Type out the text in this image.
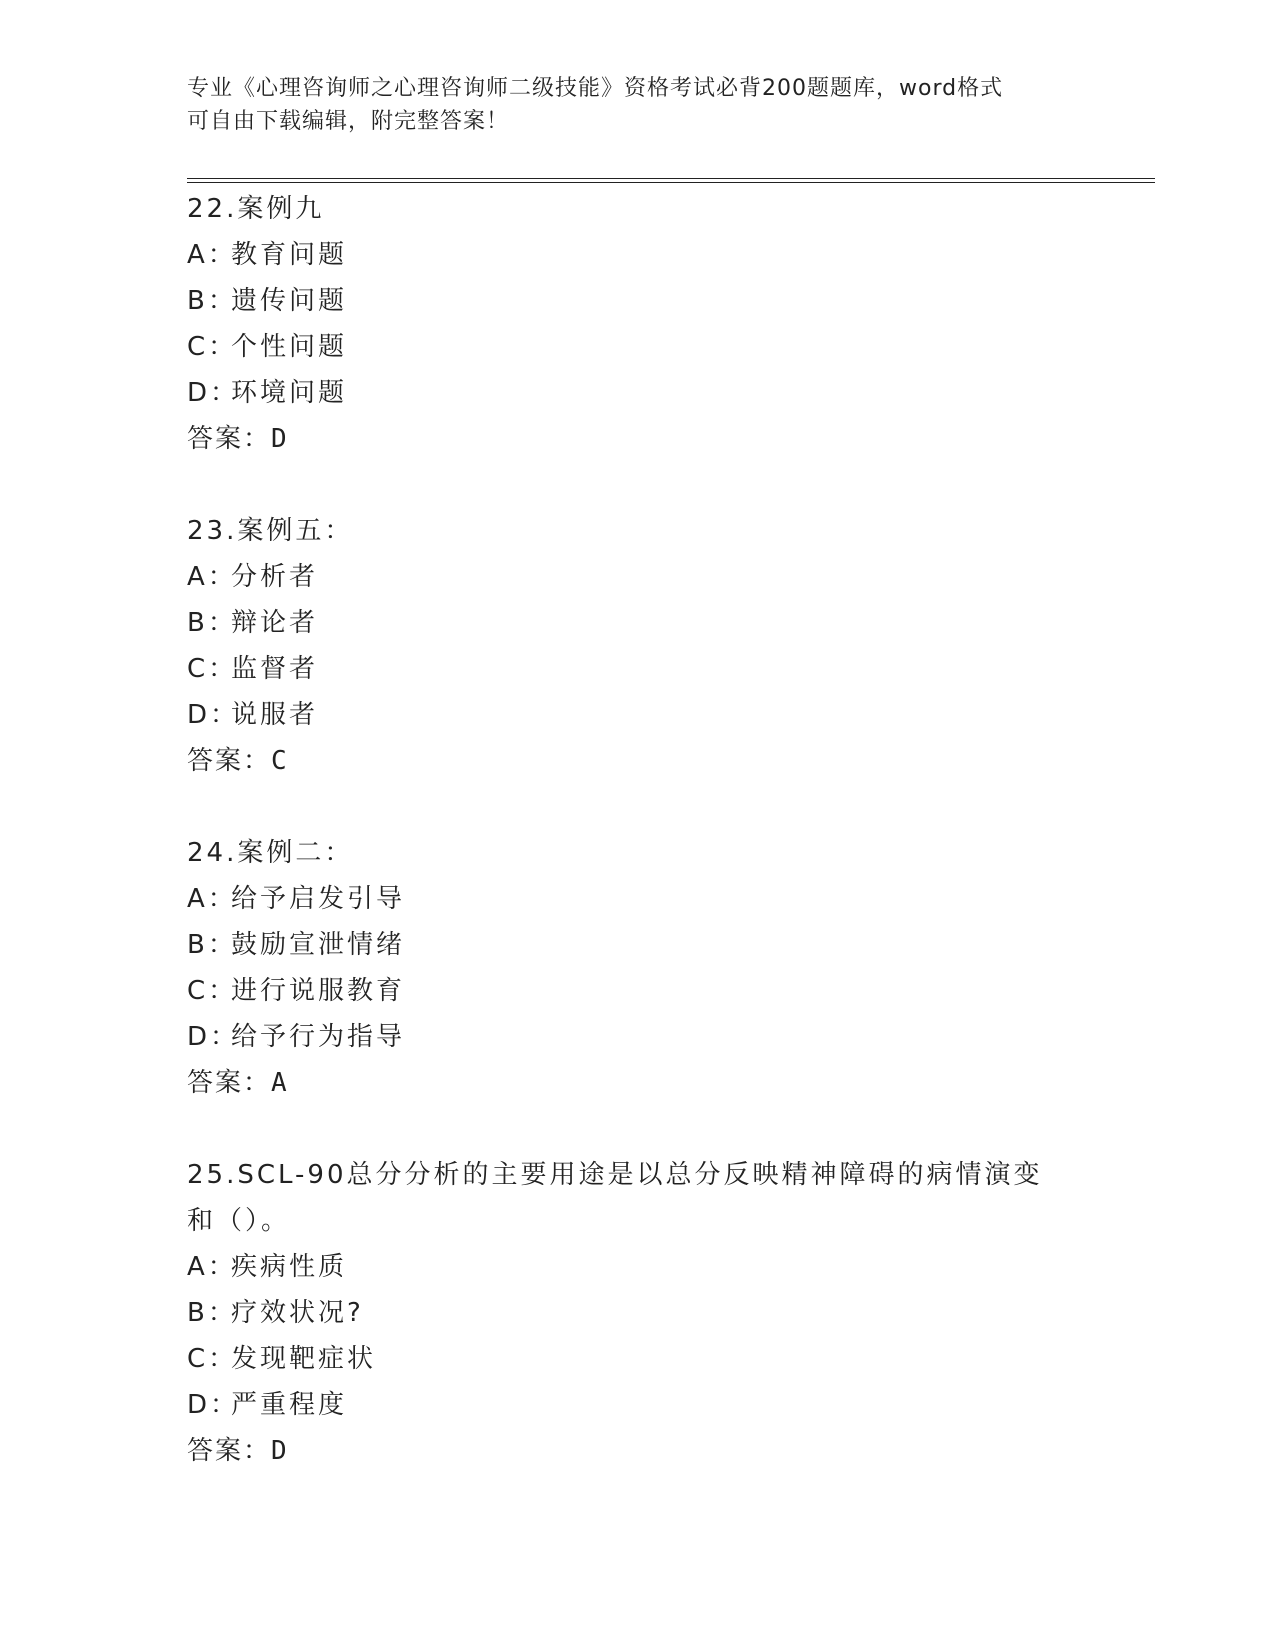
专业《心理咨询师之心理咨询师二级技能》资格考试必背200题题库，word格式
可自由下载编辑，附完整答案！
22.案例九
A：教育问题
B：遗传问题
C：个性问题
D：环境问题
答案：D
23.案例五：
A：分析者
B：辩论者
C：监督者
D：说服者
答案：C
24.案例二：
A：给予启发引导
B：鼓励宣泄情绪
C：进行说服教育
D：给予行为指导
答案：A
25.SCL-90总分分析的主要用途是以总分反映精神障碍的病情演变和（）。
A：疾病性质
B：疗效状况?
C：发现靶症状
D：严重程度
答案：D
